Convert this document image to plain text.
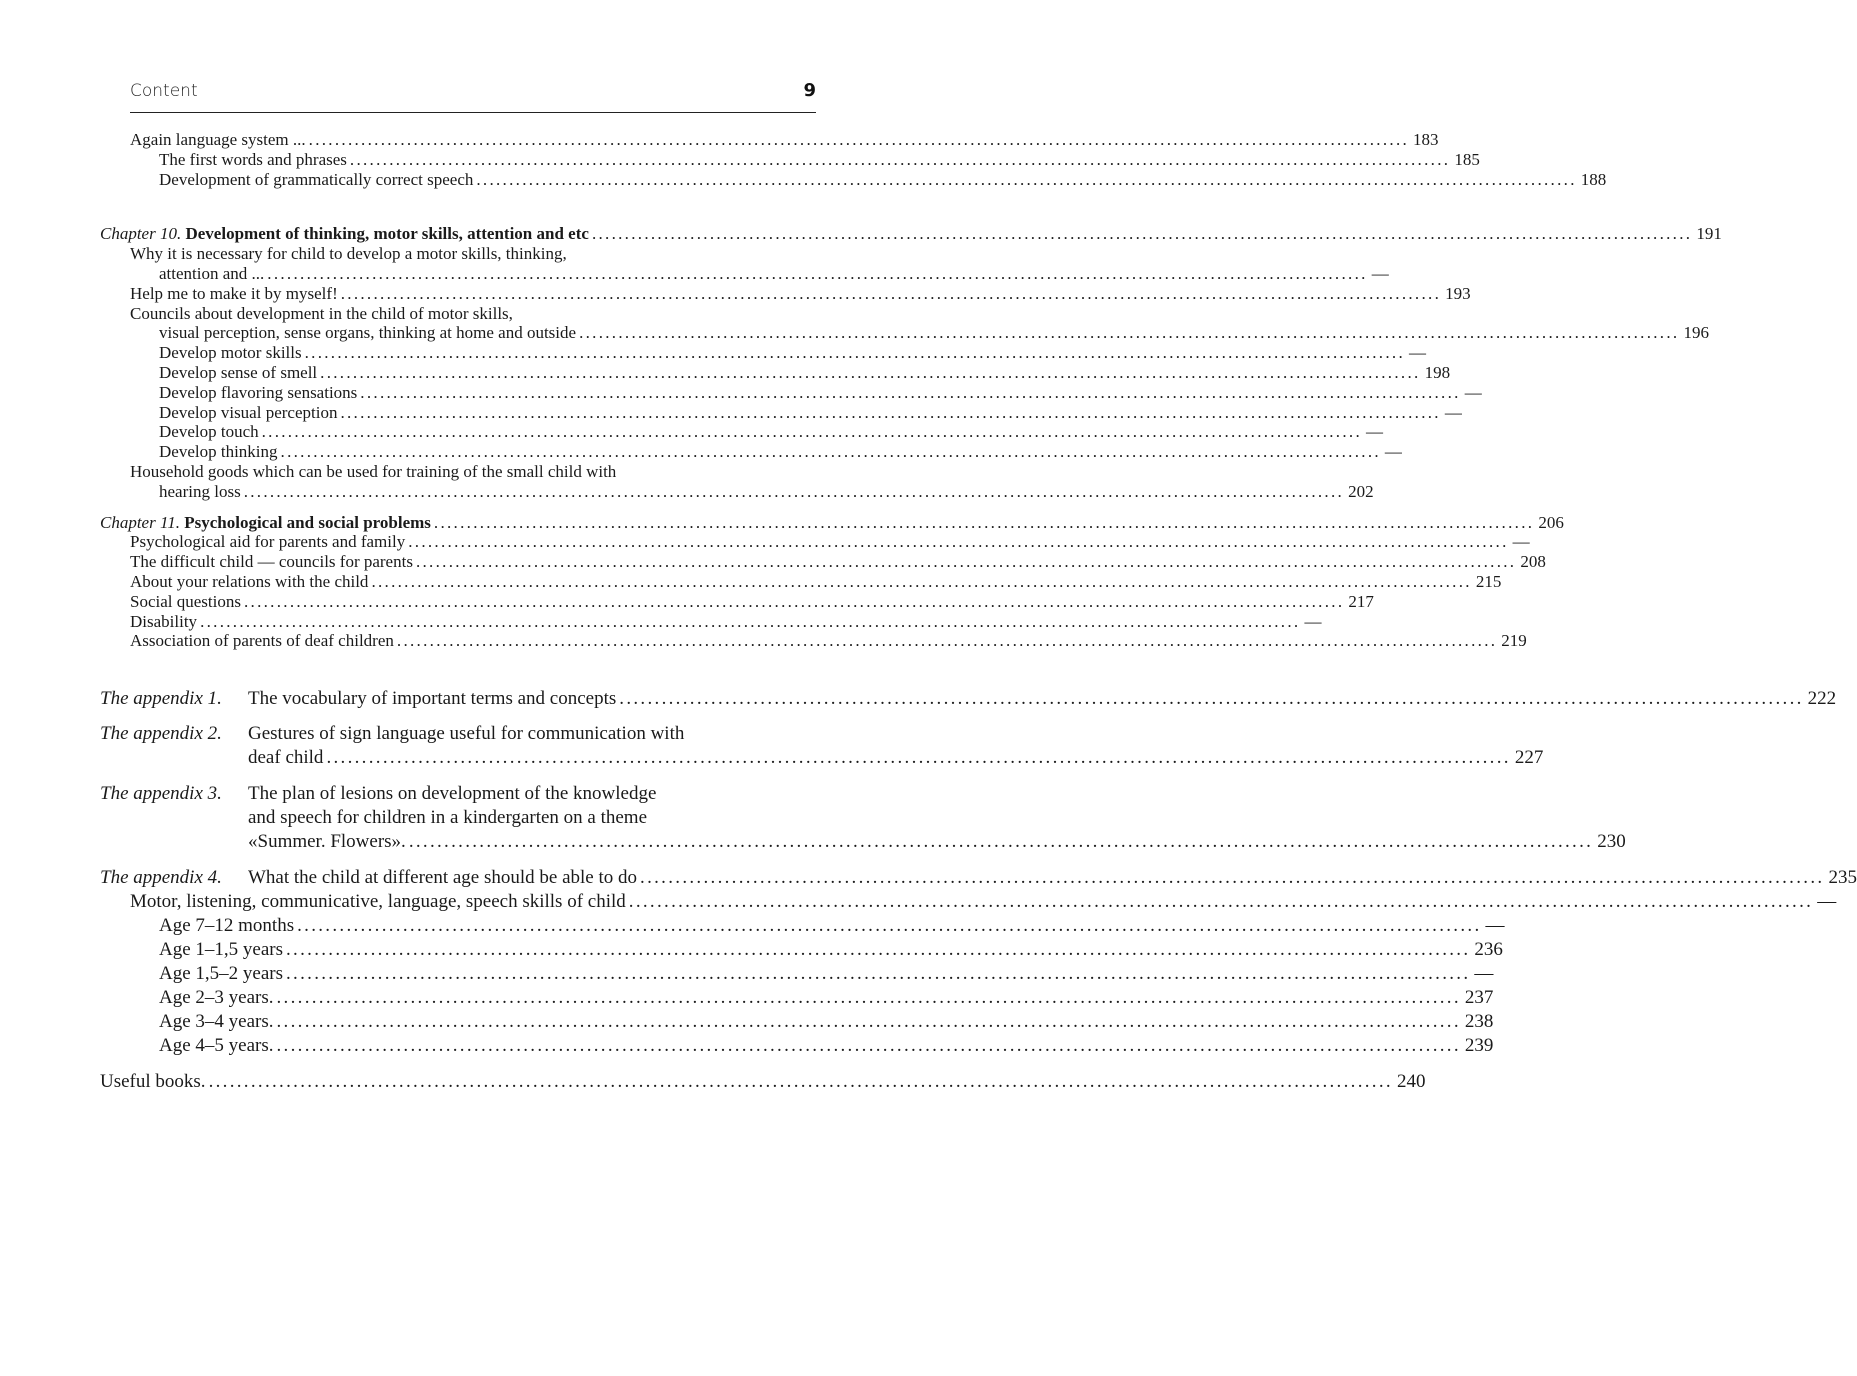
Content	9
Again language system ... .....	183
The first words and phrases .....	185
Development of grammatically correct speech .....	188
Chapter 10. Development of thinking, motor skills, attention and etc .....	191
Why it is necessary for child to develop a motor skills, thinking,
attention and ... .....	—
Help me to make it by myself! .....	193
Councils about development in the child of motor skills,
visual perception, sense organs, thinking at home and outside .....	196
Develop motor skills .....	—
Develop sense of smell .....	198
Develop flavoring sensations .....	—
Develop visual perception .....	—
Develop touch .....	—
Develop thinking .....	—
Household goods which can be used for training of the small child with
hearing loss .....	202
Chapter 11. Psychological and social problems .....	206
Psychological aid for parents and family .....	—
The difficult child — councils for parents .....	208
About your relations with the child .....	215
Social questions .....	217
Disability .....	—
Association of parents of deaf children .....	219
The appendix 1.	The vocabulary of important terms and concepts .....	222
The appendix 2.	Gestures of sign language useful for communication with
deaf child .....	227
The appendix 3.	The plan of lesions on development of the knowledge
and speech for children in a kindergarten on a theme
«Summer. Flowers». .....	230
The appendix 4.	What the child at different age should be able to do .....	235
Motor, listening, communicative, language, speech skills of child .....	—
Age 7–12 months .....	—
Age 1–1,5 years .....	236
Age 1,5–2 years .....	—
Age 2–3 years. .....	237
Age 3–4 years. .....	238
Age 4–5 years. .....	239
Useful books. .....	240
